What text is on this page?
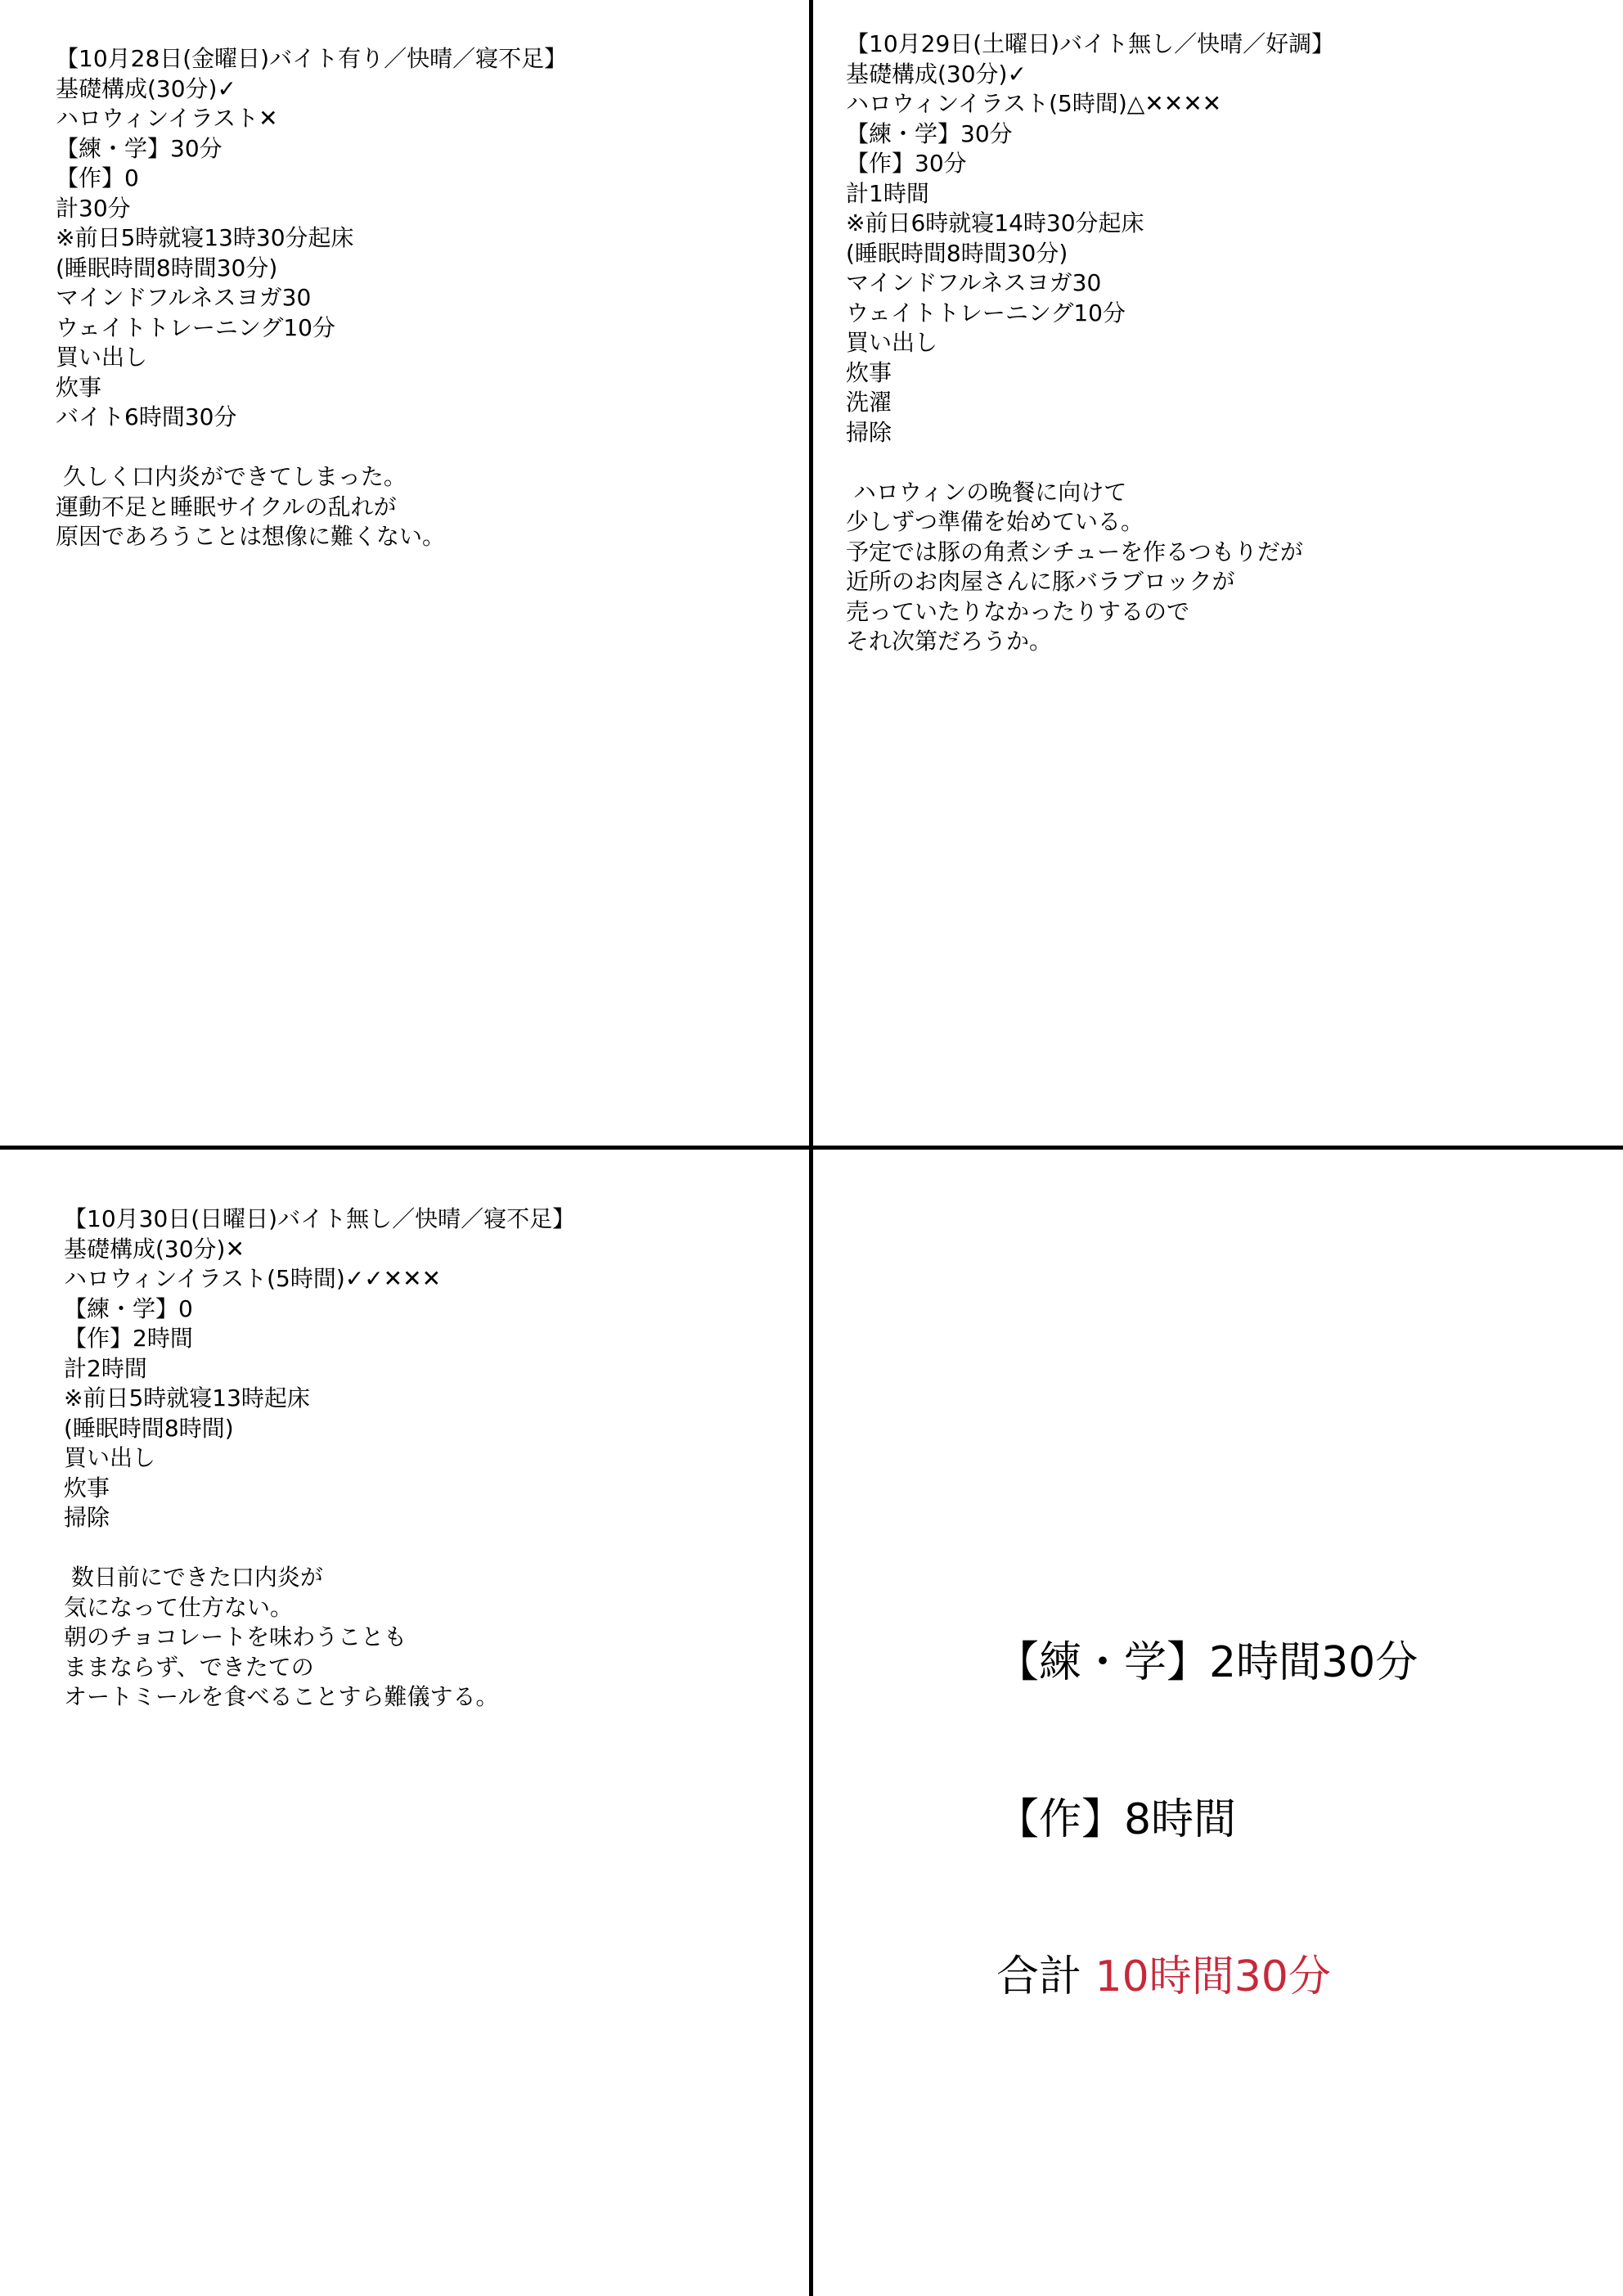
【10月28日(金曜日)バイト有り／快晴／寝不足】
基礎構成(30分)✓
ハロウィンイラスト✕
【練・学】30分
【作】0
計30分
※前日5時就寝13時30分起床
(睡眠時間8時間30分)
マインドフルネスヨガ30
ウェイトトレーニング10分
買い出し
炊事
バイト6時間30分
久しく口内炎ができてしまった。
運動不足と睡眠サイクルの乱れが
原因であろうことは想像に難くない。
【10月29日(土曜日)バイト無し／快晴／好調】
基礎構成(30分)✓
ハロウィンイラスト(5時間)△✕✕✕✕
【練・学】30分
【作】30分
計1時間
※前日6時就寝14時30分起床
(睡眠時間8時間30分)
マインドフルネスヨガ30
ウェイトトレーニング10分
買い出し
炊事
洗濯
掃除
ハロウィンの晩餐に向けて
少しずつ準備を始めている。
予定では豚の角煮シチューを作るつもりだが
近所のお肉屋さんに豚バラブロックが
売っていたりなかったりするので
それ次第だろうか。
【10月30日(日曜日)バイト無し／快晴／寝不足】
基礎構成(30分)✕
ハロウィンイラスト(5時間)✓✓✕✕✕
【練・学】0
【作】2時間
計2時間
※前日5時就寝13時起床
(睡眠時間8時間)
買い出し
炊事
掃除
数日前にできた口内炎が
気になって仕方ない。
朝のチョコレートを味わうことも
ままならず、できたての
オートミールを食べることすら難儀する。

【練・学】2時間30分

【作】8時間

合計 10時間30分
